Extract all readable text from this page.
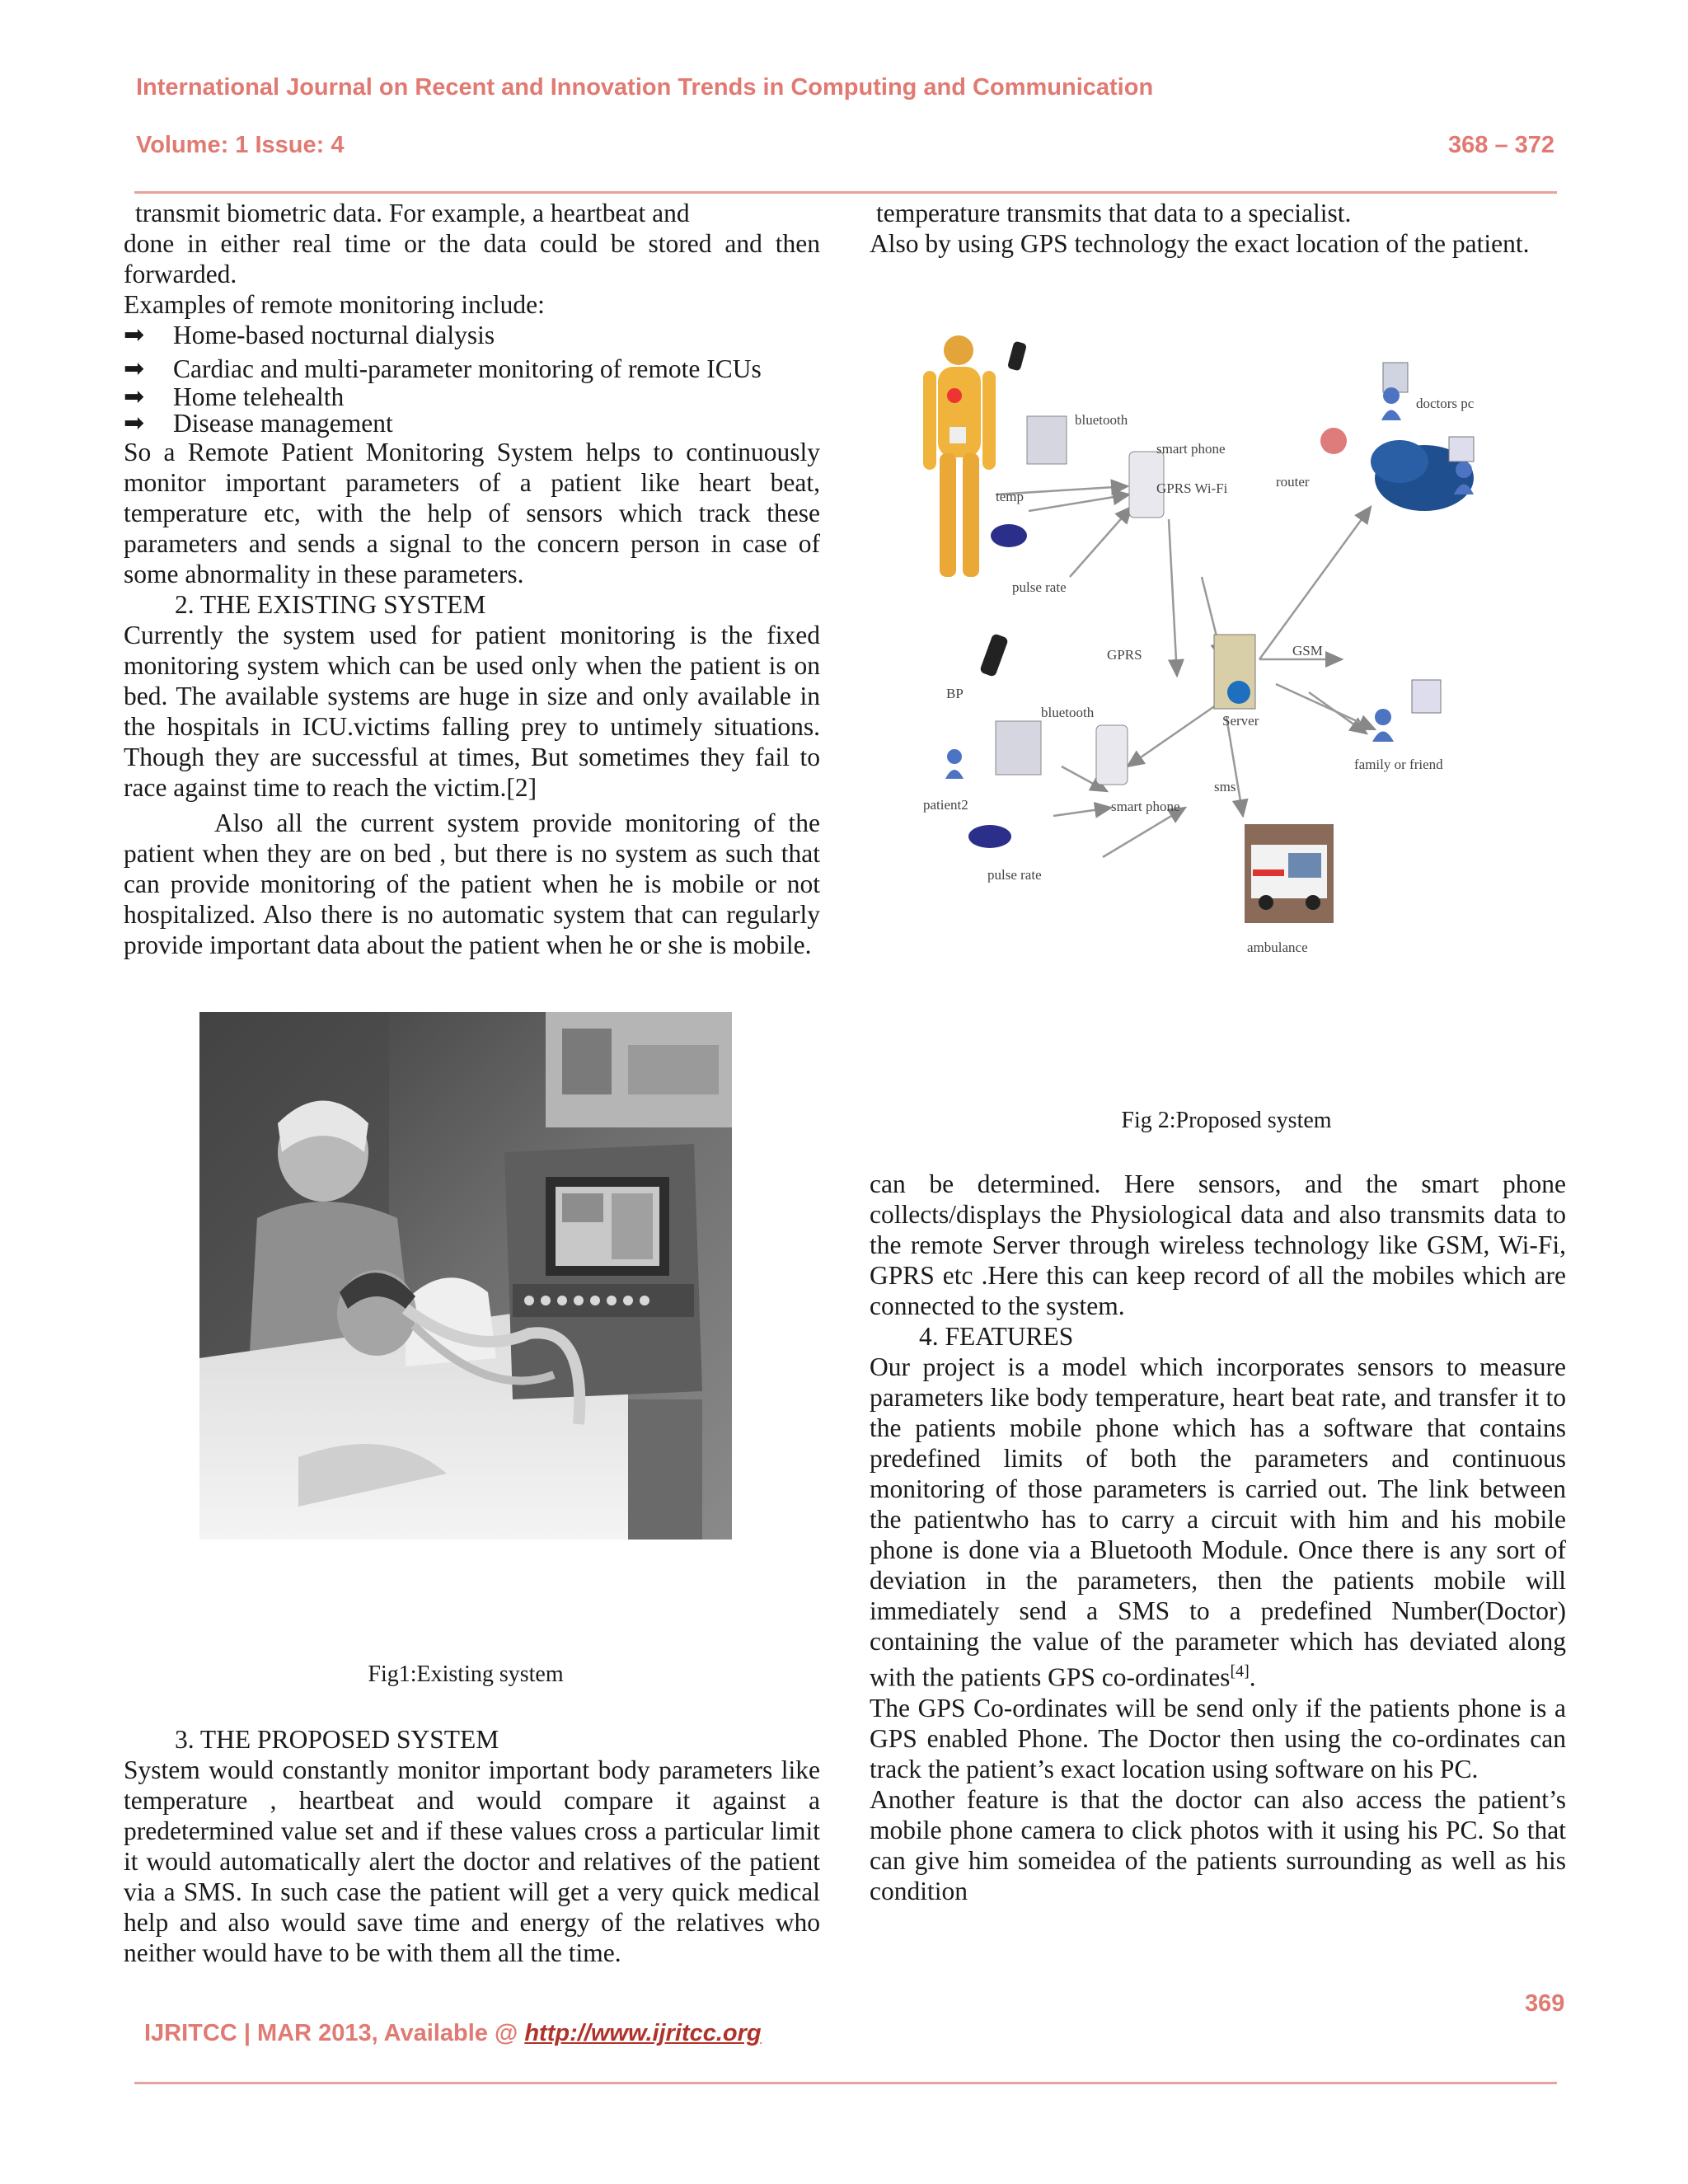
International Journal on Recent and Innovation Trends in Computing and Communication
Volume: 1 Issue: 4	368 – 372

transmit biometric data. For example, a heartbeat and

done in either real time or the data could be stored and then forwarded.

Examples of remote monitoring include:

➡	Home-based nocturnal dialysis
➡	Cardiac and multi-parameter monitoring of remote ICUs
➡	Home telehealth
➡	Disease management

So a Remote Patient Monitoring System helps to continuously monitor important parameters of a patient like heart beat, temperature etc, with the help of sensors which track these parameters and sends a signal to the concern person in case of some abnormality in these parameters.

2. THE EXISTING SYSTEM

Currently the system used for patient monitoring is the fixed monitoring system which can be used only when the patient is on bed. The available systems are huge in size and only available in the hospitals in ICU.victims falling prey to untimely situations. Though they are successful at times, But sometimes they fail to race against time to reach the victim.[2]

Also all the current system provide monitoring of the patient when they are on bed , but there is no system as such that can provide monitoring of the patient when he is mobile or not hospitalized. Also there is no automatic system that can regularly provide important data about the patient when he or she is mobile.

Fig1:Existing system

3. THE PROPOSED SYSTEM

System would constantly monitor important body parameters like temperature , heartbeat and would compare it against a predetermined value set and if these values cross a particular limit it would automatically alert the doctor and relatives of the patient via a SMS. In such case the patient will get a very quick medical help and also would save time and energy of the relatives who neither would have to be with them all the time.

temperature transmits that data to a specialist.

Also by using GPS technology the exact location of the patient.

bluetooth
smart phone
GPRS Wi-Fi
temp
pulse rate
router
doctors pc
GPRS	GSM
Server
family or friend
BP
patient2
bluetooth
smart phone
sms
pulse rate
ambulance
Fig 2:Proposed system

can be determined. Here sensors, and the smart phone collects/displays the Physiological data and also transmits data to the remote Server through wireless technology like GSM, Wi-Fi, GPRS etc .Here this can keep record of all the mobiles which are connected to the system.

4. FEATURES

Our project is a model which incorporates sensors to measure parameters like body temperature, heart beat rate, and transfer it to the patients mobile phone which has a software that contains predefined limits of both the parameters and continuous monitoring of those parameters is carried out. The link between the patientwho has to carry a circuit with him and his mobile phone is done via a Bluetooth Module. Once there is any sort of deviation in the parameters, then the patients mobile will immediately send a SMS to a predefined Number(Doctor) containing the value of the parameter which has deviated along with the patients GPS co-ordinates[4].

The GPS Co-ordinates will be send only if the patients phone is a GPS enabled Phone. The Doctor then using the co-ordinates can track the patient’s exact location using software on his PC.

Another feature is that the doctor can also access the patient’s mobile phone camera to click photos with it using his PC. So that can give him someidea of the patients surrounding as well as his condition

369
IJRITCC | MAR 2013, Available @ http://www.ijritcc.org
